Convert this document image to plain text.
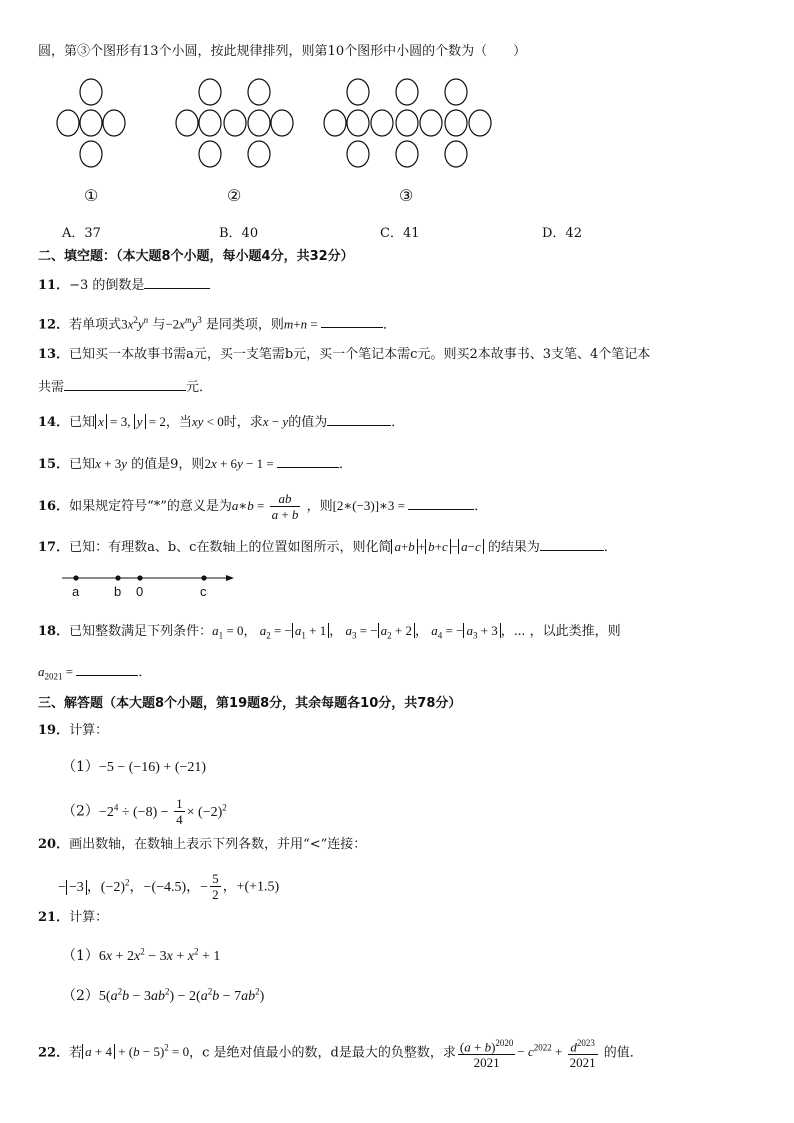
圆，第③个图形有13个小圆，按此规律排列，则第10个图形中小圆的个数为（　　）
①	②	③
A．37	B．40	C．41	D．42
二、填空题：（本大题8个小题，每小题4分，共32分）
11．−3 的倒数是
12．若单项式$3x^2y^n$ 与$-2x^my^3$ 是同类项，则m+n =	．
13．已知买一本故事书需a元，买一支笔需b元，买一个笔记本需c元。则买2本故事书、3支笔、4个笔记本
共需	元．
14．已知 x = 3, y = 2，当xy < 0时，求x − y的值为	．
15．已知x + 3y 的值是9，则2x + 6y − 1 =	．
16．如果规定符号“*”的意义是为a∗b = $\frac{ab}{a + b}$ ，则[2∗(−3)]∗3 =	．
17．已知：有理数a、b、c在数轴上的位置如图所示，则化简 a+b + b+c − a−c 的结果为	．
a	b 0	c
18．已知整数满足下列条件：$a_1 = 0$， $a_2$ = − $a_1 + 1$ ， $a_3$ = − $a_2 + 2$ ， $a_4$ = − $a_3 + 3$ ，⋯ ，以此类推，则
$a_{2021}$ =	．
三、解答题（本大题8个小题，第19题8分，其余每题各10分，共78分）
19．计算：
（1）−5 − (−16) + (−21)
$(2)-2^4 \div (-8) - \frac{1}{4} \times (-2)^2$
20．画出数轴，在数轴上表示下列各数，并用“<”连接：
− −3 ，$(-2)^2$，−(−4.5)，− $\frac{5}{2}$ ，+(+1.5)
21．计算：
$(1)6x + 2x^2 - 3x + x^2 + 1$
$(2)5(a^2b - 3ab^2) - 2(a^2b - 7ab^2)$
22．若 $a + 4 + (b - 5)^2 = 0$，c 是绝对值最小的数，d是最大的负整数，求 $\frac{(a + b)^{2020}}{2021} - c^{2022} + \frac{d^{2023}}{2021}$ 的值．
